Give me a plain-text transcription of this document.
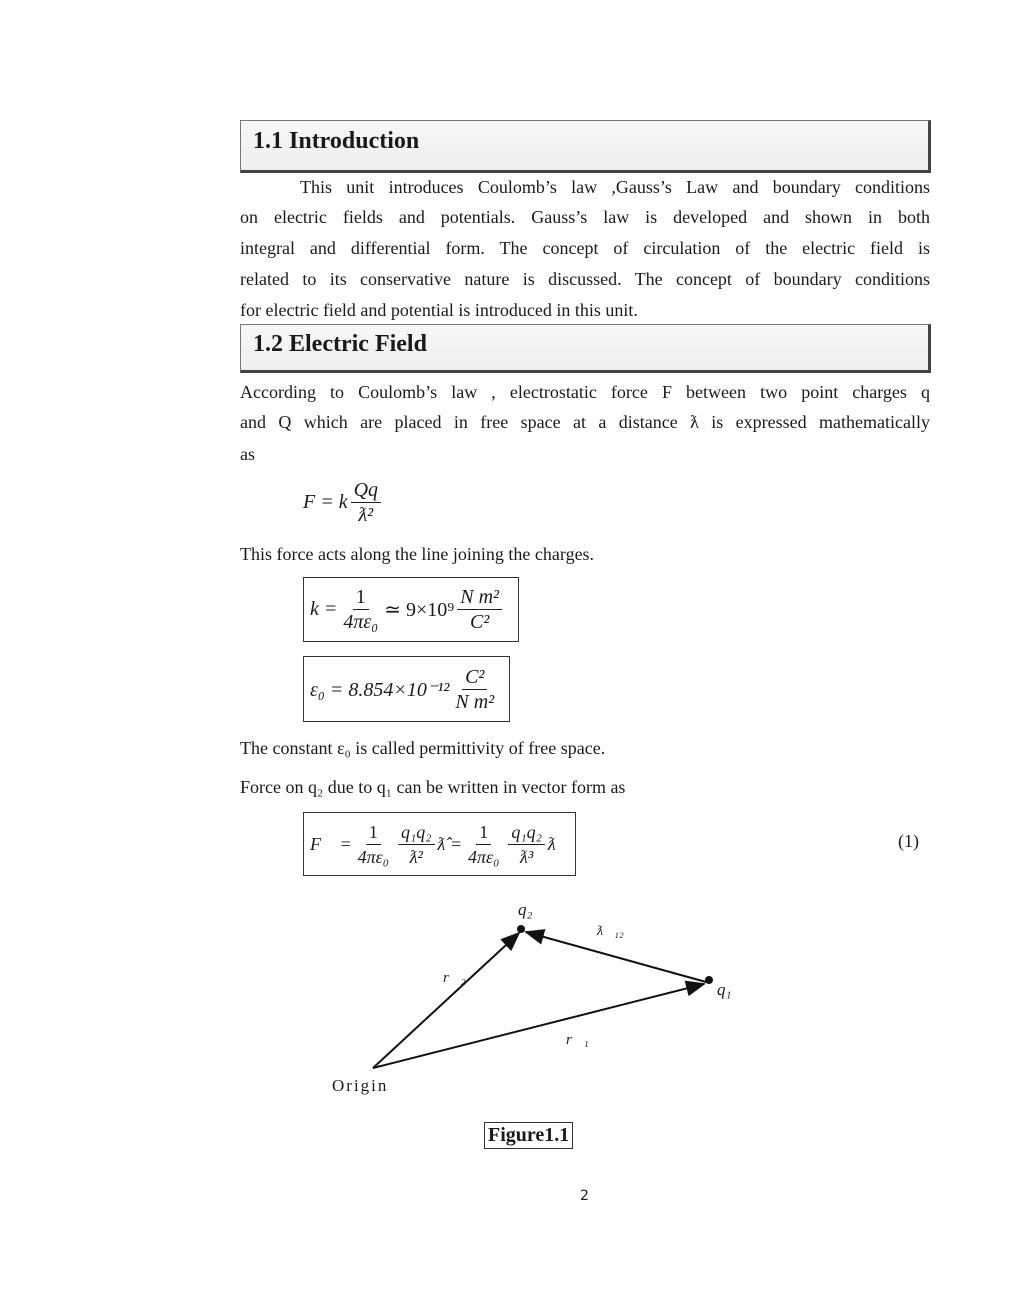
1.1 Introduction
This unit introduces Coulomb’s law ,Gauss’s Law and boundary conditions
on electric fields and potentials. Gauss’s law is developed and shown in both
integral and differential form. The concept of circulation of the electric field is
related to its conservative nature is discussed. The concept of boundary conditions
for electric field and potential is introduced in this unit.
1.2 Electric Field
According to Coulomb’s law , electrostatic force F between two point charges q
and Q which are placed in free space at a distance ƛ is expressed mathematically
as
F = k $\frac{Qq}{\text{ƛ²}}$
This force acts along the line joining the charges.
$k = \frac{1}{\text{4πε₀}}$ ≃ $9\times 10^9 \frac{\text{N m²}}{\text{C²}}$
$\varepsilon_0 = 8.854\times 10^{-12} \frac{\text{C²}}{\text{N m²}}$
The constant ε₀ is called permittivity of free space.
Force on q₂ due to q₁ can be written in vector form as
F⃗ = $\frac{1}{\text{4πε₀}} \frac{\text{q₁q₂}}{\text{ƛ²}}$ ƛ̂ = $\frac{1}{\text{4πε₀}} \frac{\text{q₁q₂}}{\text{ƛ³}}$ ƛ⃗	(1)
q₂
q₁
ƛ⃗₁₂
r⃗₂
r⃗₁
Origin
Figure1.1
2
